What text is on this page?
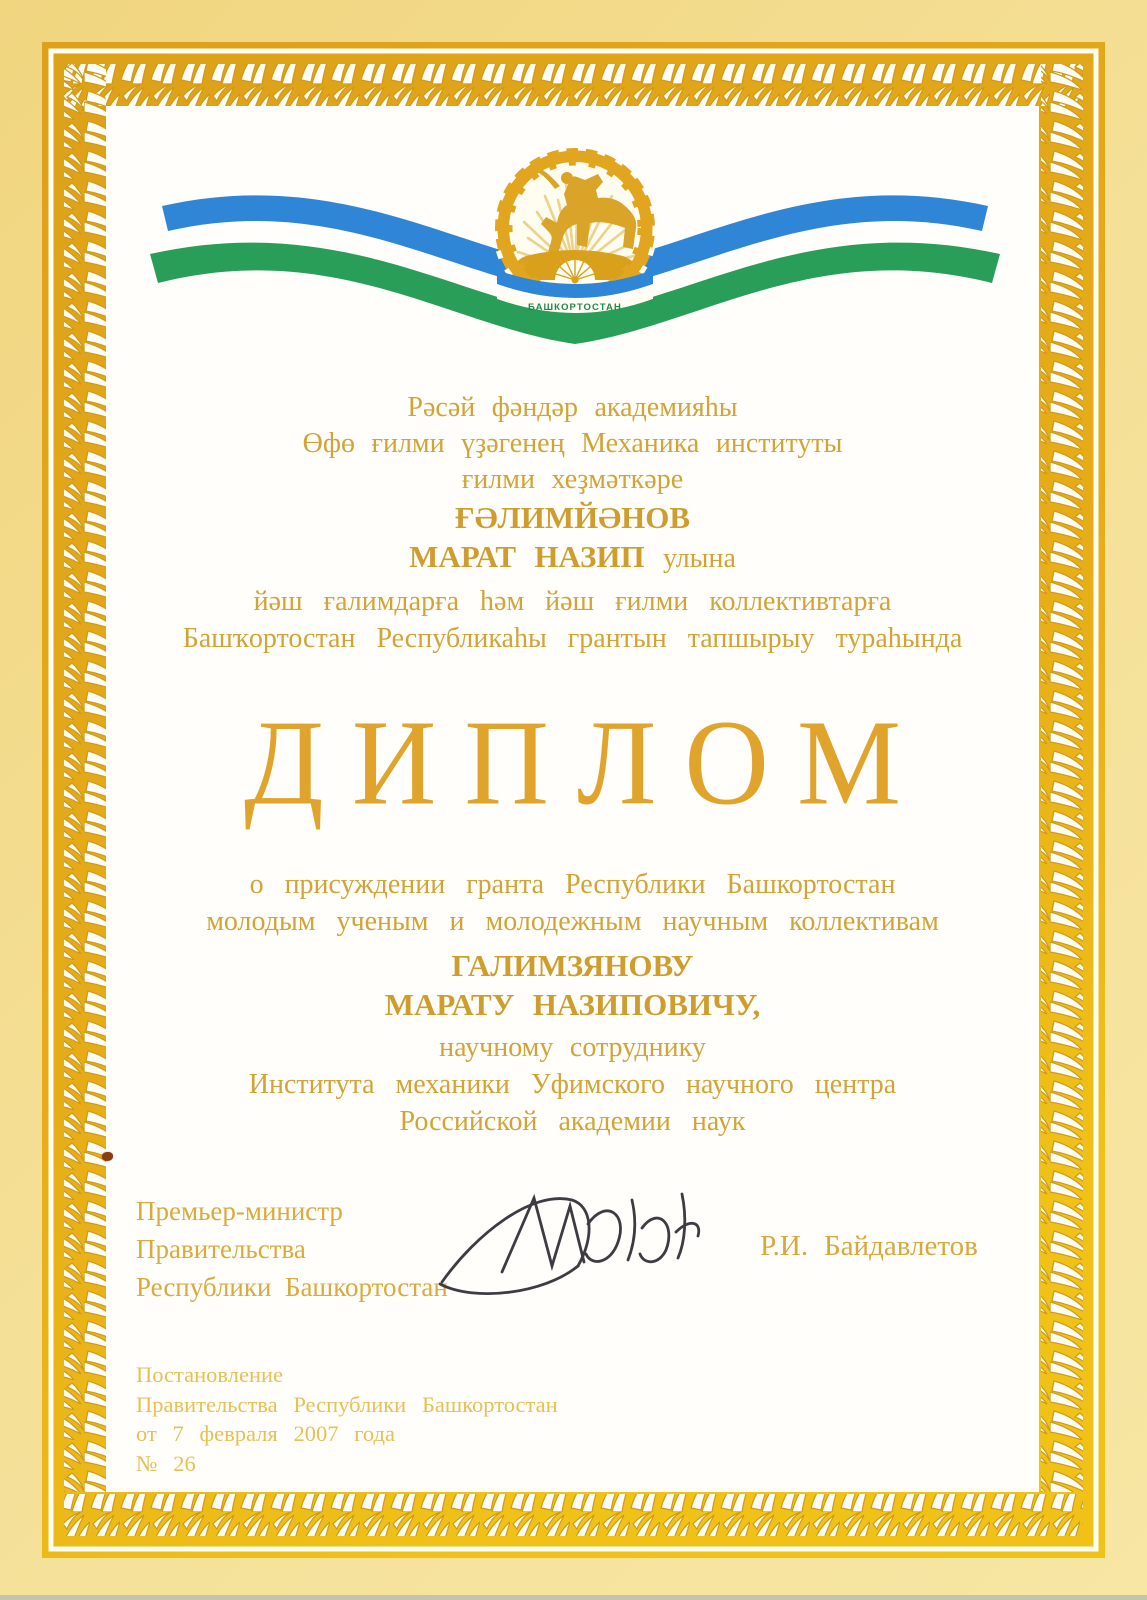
БАШКОРТОСТАН
Рәсәй фәндәр академияһы
Өфө ғилми үҙәгенең Механика институты
ғилми хеҙмәткәре
ҒӘЛИМЙӘНОВ
МАРАТ НАЗИП улына
йәш ғалимдарға һәм йәш ғилми коллективтарға
Башҡортостан Республикаһы грантын тапшырыу тураһында
ДИПЛОМ
о присуждении гранта Республики Башкортостан
молодым ученым и молодежным научным коллективам
ГАЛИМЗЯНОВУ
МАРАТУ НАЗИПОВИЧУ,
научному сотруднику
Института механики Уфимского научного центра
Российской академии наук
Премьер-министр
Правительства
Республики Башкортостан
Р.И. Байдавлетов
Постановление
Правительства Республики Башкортостан
от 7 февраля 2007 года
№ 26
